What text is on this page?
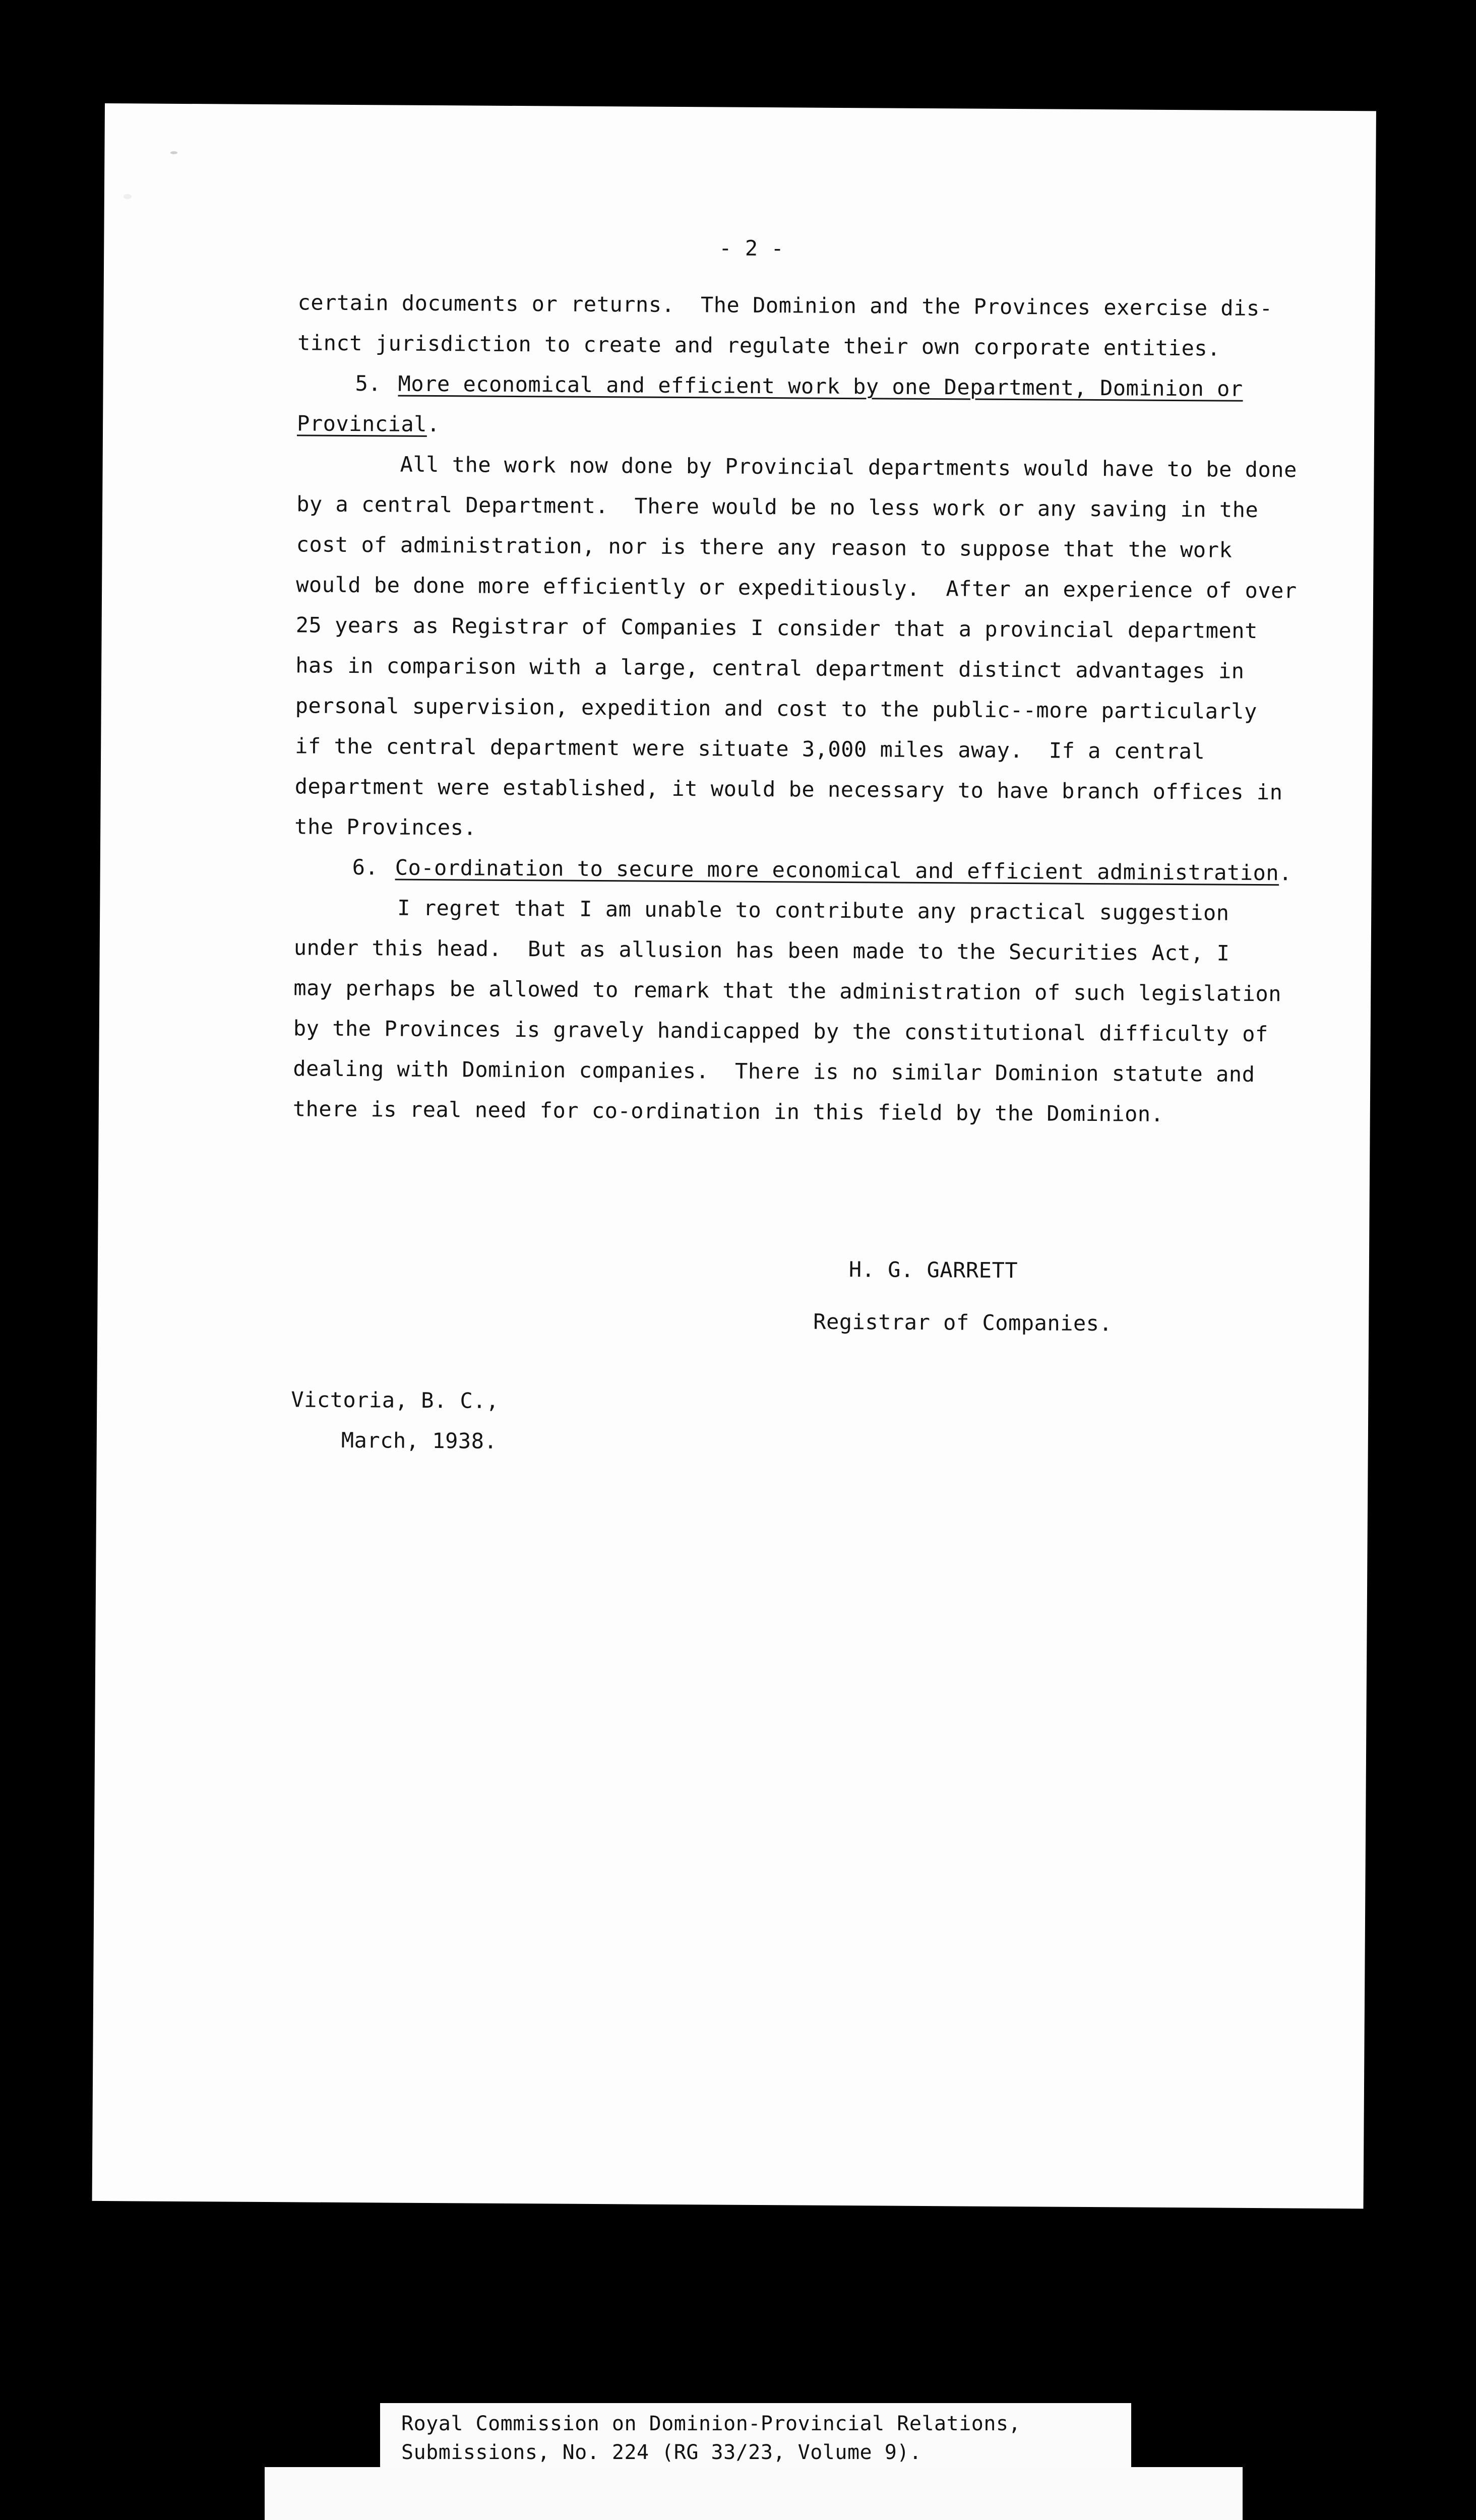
- 2 -
certain documents or returns.  The Dominion and the Provinces exercise dis-
tinct jurisdiction to create and regulate their own corporate entities.
5. More economical and efficient work by one Department, Dominion or
Provincial.
All the work now done by Provincial departments would have to be done
by a central Department.  There would be no less work or any saving in the
cost of administration, nor is there any reason to suppose that the work
would be done more efficiently or expeditiously.  After an experience of over
25 years as Registrar of Companies I consider that a provincial department
has in comparison with a large, central department distinct advantages in
personal supervision, expedition and cost to the public--more particularly
if the central department were situate 3,000 miles away.  If a central
department were established, it would be necessary to have branch offices in
the Provinces.
6. Co-ordination to secure more economical and efficient administration.
I regret that I am unable to contribute any practical suggestion
under this head.  But as allusion has been made to the Securities Act, I
may perhaps be allowed to remark that the administration of such legislation
by the Provinces is gravely handicapped by the constitutional difficulty of
dealing with Dominion companies.  There is no similar Dominion statute and
there is real need for co-ordination in this field by the Dominion.
H. G. GARRETT
Registrar of Companies.
Victoria, B. C.,
March, 1938.
Royal Commission on Dominion-Provincial Relations,
Submissions, No. 224 (RG 33/23, Volume 9).
